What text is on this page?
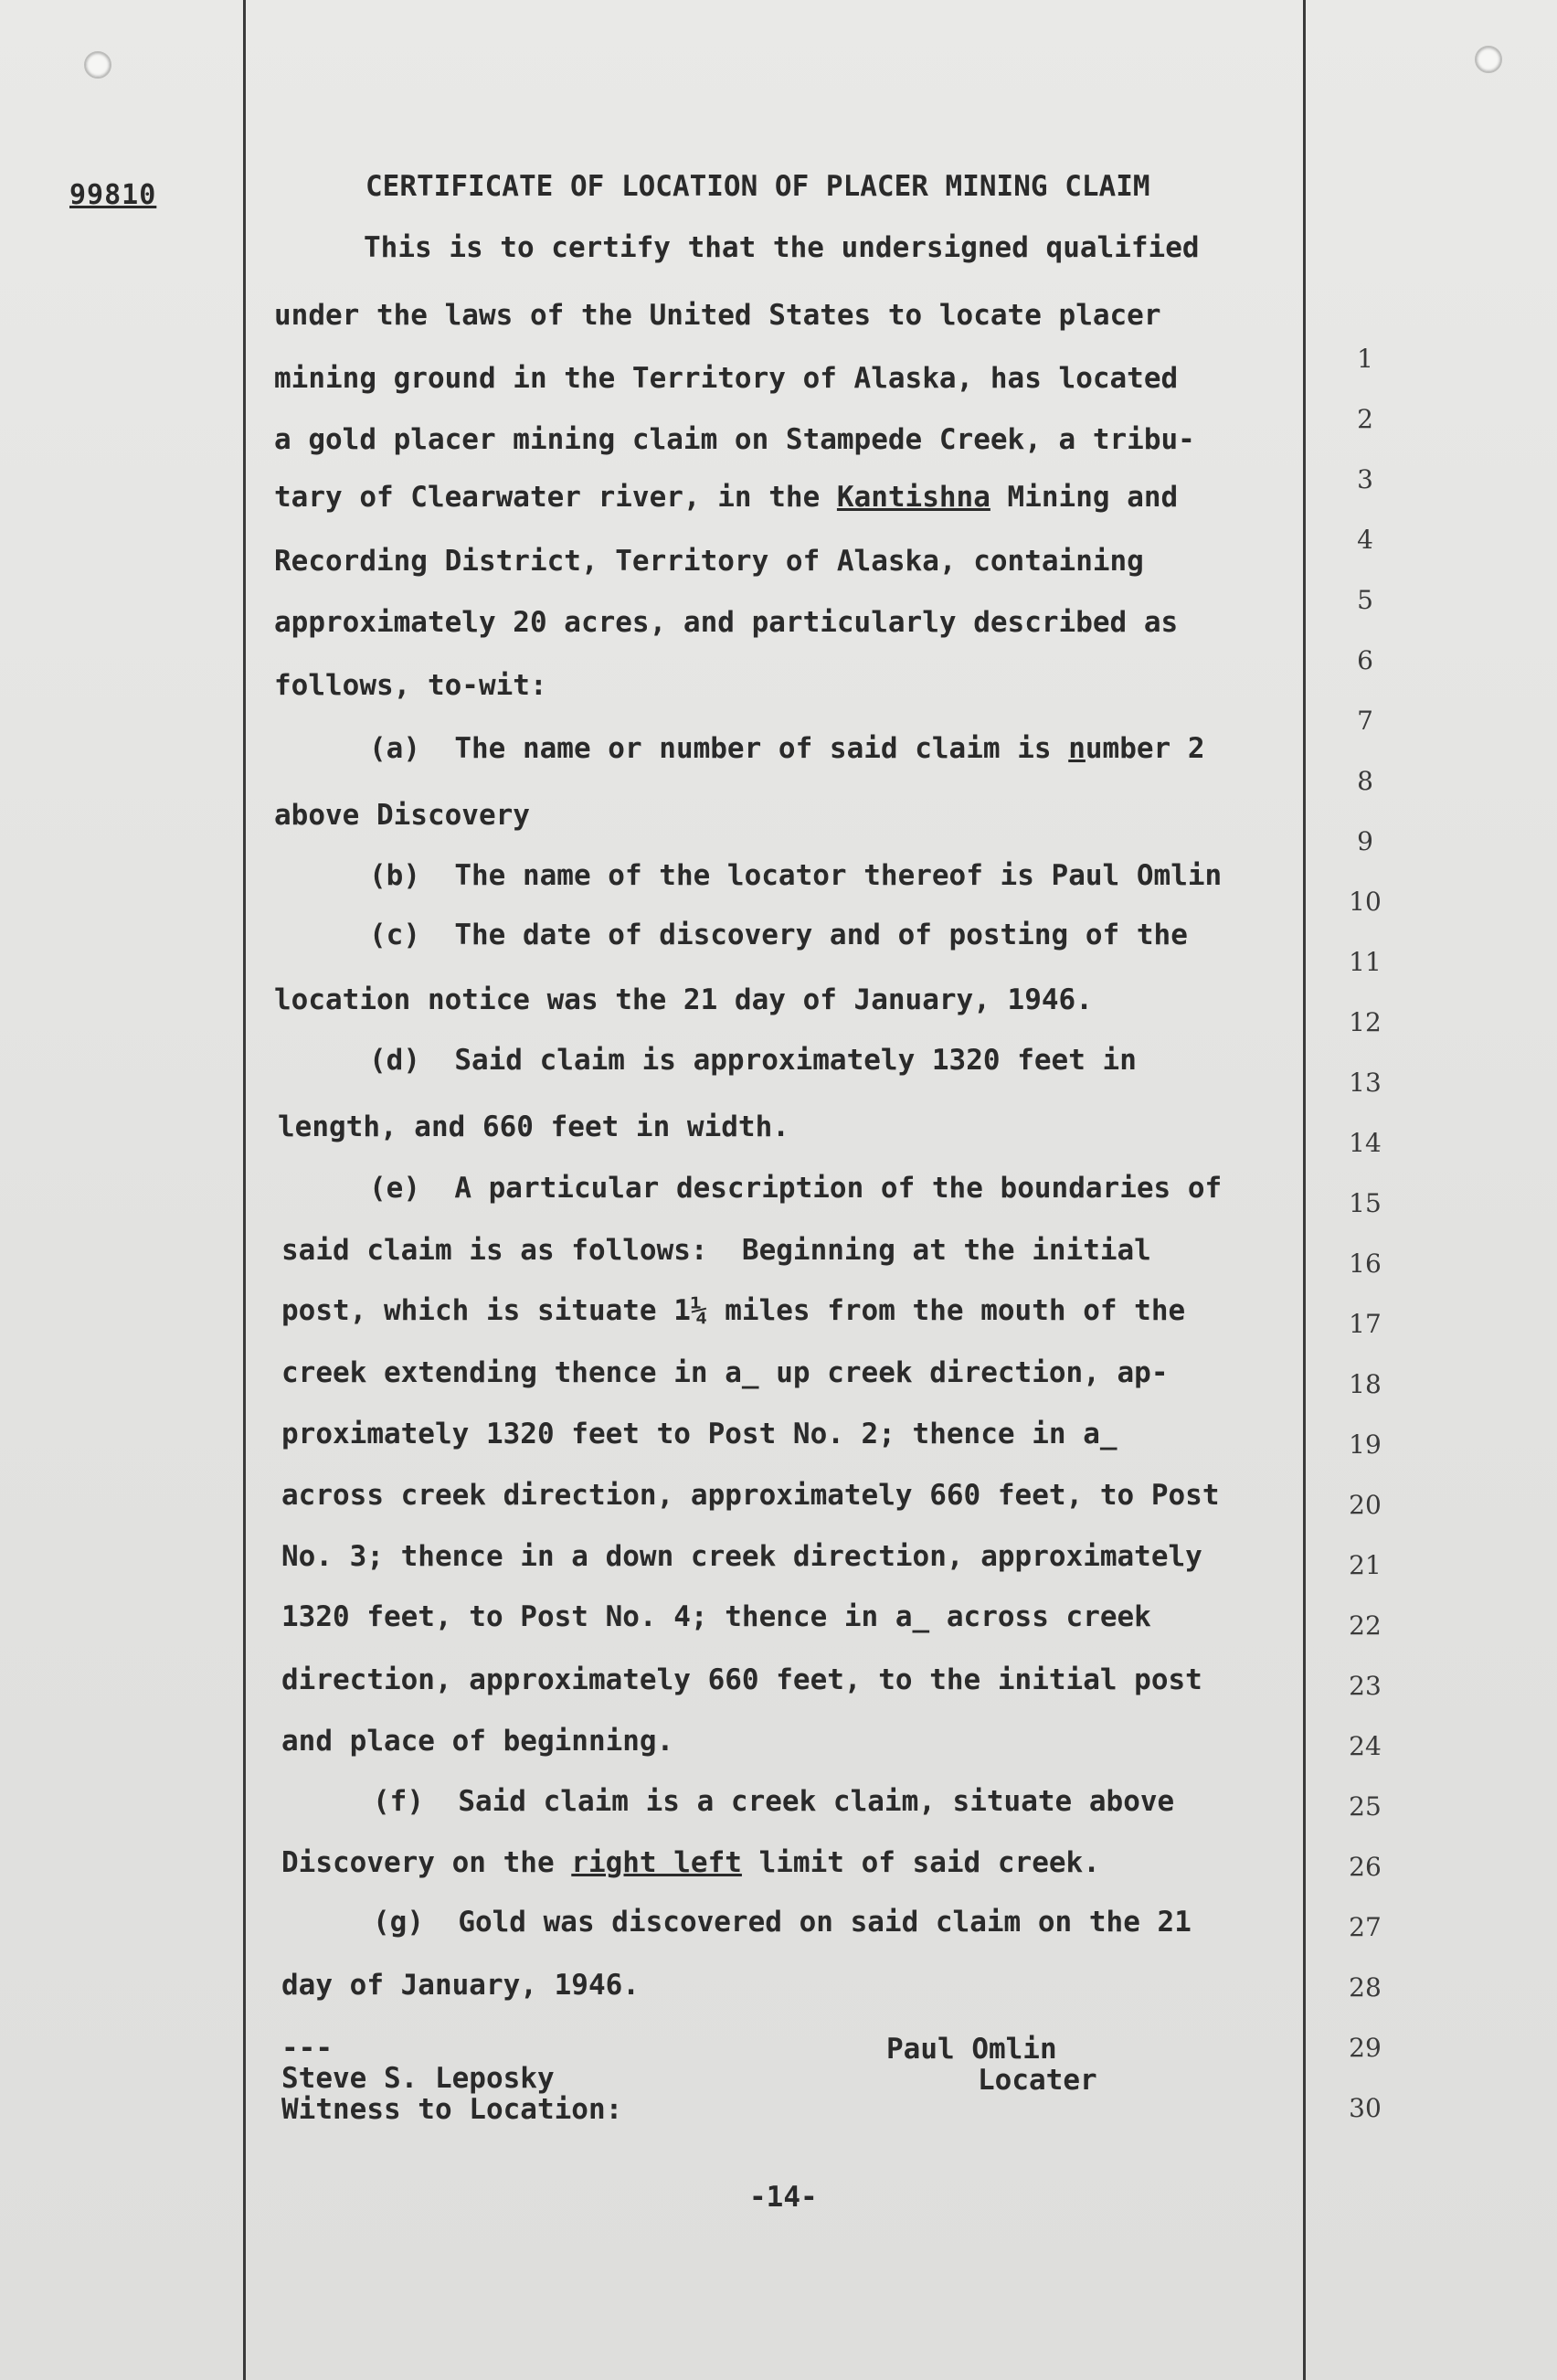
99810	CERTIFICATE OF LOCATION OF PLACER MINING CLAIM
This is to certify that the undersigned qualified
under the laws of the United States to locate placer
mining ground in the Territory of Alaska, has located
a gold placer mining claim on Stampede Creek, a tribu-
tary of Clearwater river, in the Kantishna Mining and
Recording District, Territory of Alaska, containing
approximately 20 acres, and particularly described as
follows, to-wit:
(a)  The name or number of said claim is number 2
above Discovery
(b)  The name of the locator thereof is Paul Omlin
(c)  The date of discovery and of posting of the
location notice was the 21 day of January, 1946.
(d)  Said claim is approximately 1320 feet in
length, and 660 feet in width.
(e)  A particular description of the boundaries of
said claim is as follows:  Beginning at the initial
post, which is situate 1¼ miles from the mouth of the
creek extending thence in a_ up creek direction, ap-
proximately 1320 feet to Post No. 2; thence in a_
across creek direction, approximately 660 feet, to Post
No. 3; thence in a down creek direction, approximately
1320 feet, to Post No. 4; thence in a_ across creek
direction, approximately 660 feet, to the initial post
and place of beginning.
(f)  Said claim is a creek claim, situate above
Discovery on the right left limit of said creek.
(g)  Gold was discovered on said claim on the 21
day of January, 1946.
---
Steve S. Leposky
Witness to Location:
Paul Omlin
Locater
-14-
1
2
3
4
5
6
7
8
9
10
11
12
13
14
15
16
17
18
19
20
21
22
23
24
25
26
27
28
29
30
